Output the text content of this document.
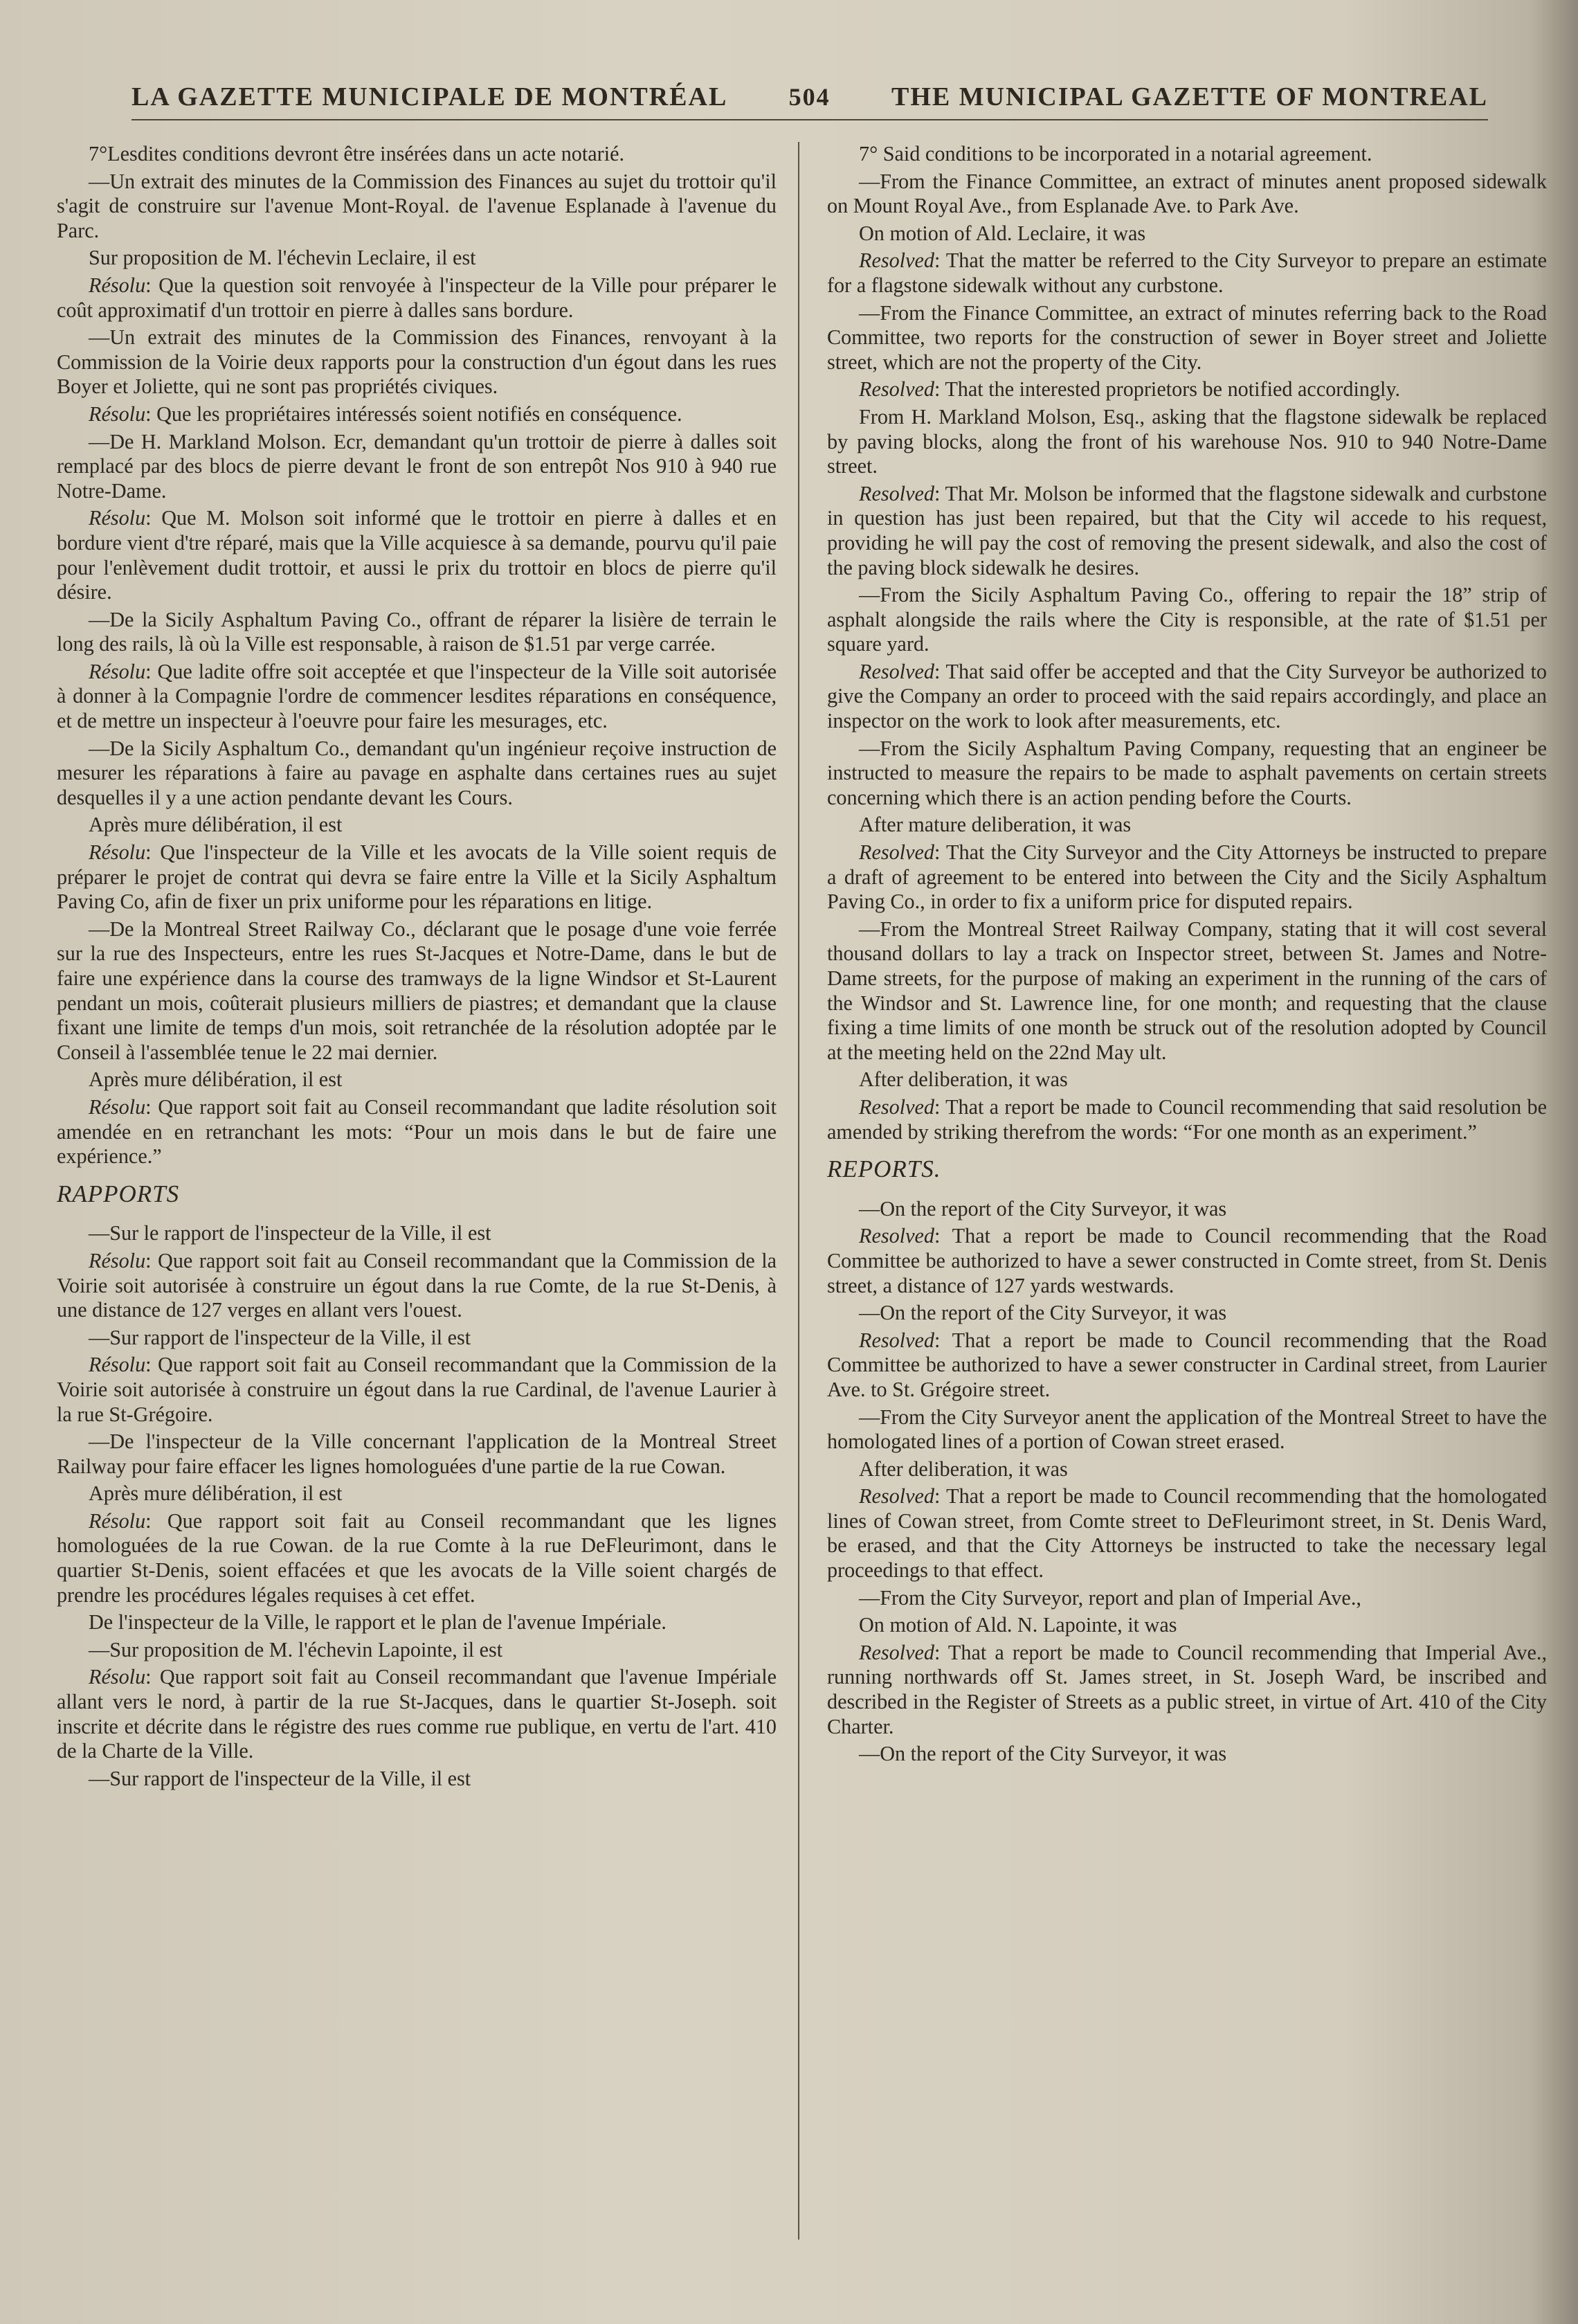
LA GAZETTE MUNICIPALE DE MONTRÉAL 504 THE MUNICIPAL GAZETTE OF MONTREAL

7°Lesdites conditions devront être insérées dans un acte notarié.

—Un extrait des minutes de la Commission des Finances au sujet du trottoir qu'il s'agit de construire sur l'avenue Mont-Royal. de l'avenue Esplanade à l'avenue du Parc.

Sur proposition de M. l'échevin Leclaire, il est

Résolu: Que la question soit renvoyée à l'inspecteur de la Ville pour préparer le coût approximatif d'un trottoir en pierre à dalles sans bordure.

—Un extrait des minutes de la Commission des Finances, renvoyant à la Commission de la Voirie deux rapports pour la construction d'un égout dans les rues Boyer et Joliette, qui ne sont pas propriétés civiques.

Résolu: Que les propriétaires intéressés soient notifiés en conséquence.

—De H. Markland Molson. Ecr, demandant qu'un trottoir de pierre à dalles soit remplacé par des blocs de pierre devant le front de son entrepôt Nos 910 à 940 rue Notre-Dame.

Résolu: Que M. Molson soit informé que le trottoir en pierre à dalles et en bordure vient d'tre réparé, mais que la Ville acquiesce à sa demande, pourvu qu'il paie pour l'enlèvement dudit trottoir, et aussi le prix du trottoir en blocs de pierre qu'il désire.

—De la Sicily Asphaltum Paving Co., offrant de réparer la lisière de terrain le long des rails, là où la Ville est responsable, à raison de $1.51 par verge carrée.

Résolu: Que ladite offre soit acceptée et que l'inspecteur de la Ville soit autorisée à donner à la Compagnie l'ordre de commencer lesdites réparations en conséquence, et de mettre un inspecteur à l'oeuvre pour faire les mesurages, etc.

—De la Sicily Asphaltum Co., demandant qu'un ingénieur reçoive instruction de mesurer les réparations à faire au pavage en asphalte dans certaines rues au sujet desquelles il y a une action pendante devant les Cours.

Après mure délibération, il est

Résolu: Que l'inspecteur de la Ville et les avocats de la Ville soient requis de préparer le projet de contrat qui devra se faire entre la Ville et la Sicily Asphaltum Paving Co, afin de fixer un prix uniforme pour les réparations en litige.

—De la Montreal Street Railway Co., déclarant que le posage d'une voie ferrée sur la rue des Inspecteurs, entre les rues St-Jacques et Notre-Dame, dans le but de faire une expérience dans la course des tramways de la ligne Windsor et St-Laurent pendant un mois, coûterait plusieurs milliers de piastres; et demandant que la clause fixant une limite de temps d'un mois, soit retranchée de la résolution adoptée par le Conseil à l'assemblée tenue le 22 mai dernier.

Après mure délibération, il est

Résolu: Que rapport soit fait au Conseil recommandant que ladite résolution soit amendée en en retranchant les mots: “Pour un mois dans le but de faire une expérience.”

RAPPORTS

—Sur le rapport de l'inspecteur de la Ville, il est

Résolu: Que rapport soit fait au Conseil recommandant que la Commission de la Voirie soit autorisée à construire un égout dans la rue Comte, de la rue St-Denis, à une distance de 127 verges en allant vers l'ouest.

—Sur rapport de l'inspecteur de la Ville, il est

Résolu: Que rapport soit fait au Conseil recommandant que la Commission de la Voirie soit autorisée à construire un égout dans la rue Cardinal, de l'avenue Laurier à la rue St-Grégoire.

—De l'inspecteur de la Ville concernant l'application de la Montreal Street Railway pour faire effacer les lignes homologuées d'une partie de la rue Cowan.

Après mure délibération, il est

Résolu: Que rapport soit fait au Conseil recommandant que les lignes homologuées de la rue Cowan. de la rue Comte à la rue DeFleurimont, dans le quartier St-Denis, soient effacées et que les avocats de la Ville soient chargés de prendre les procédures légales requises à cet effet.

De l'inspecteur de la Ville, le rapport et le plan de l'avenue Impériale.

—Sur proposition de M. l'échevin Lapointe, il est

Résolu: Que rapport soit fait au Conseil recommandant que l'avenue Impériale allant vers le nord, à partir de la rue St-Jacques, dans le quartier St-Joseph. soit inscrite et décrite dans le régistre des rues comme rue publique, en vertu de l'art. 410 de la Charte de la Ville.

—Sur rapport de l'inspecteur de la Ville, il est

7° Said conditions to be incorporated in a notarial agreement.

—From the Finance Committee, an extract of minutes anent proposed sidewalk on Mount Royal Ave., from Esplanade Ave. to Park Ave.

On motion of Ald. Leclaire, it was

Resolved: That the matter be referred to the City Surveyor to prepare an estimate for a flagstone sidewalk without any curbstone.

—From the Finance Committee, an extract of minutes referring back to the Road Committee, two reports for the construction of sewer in Boyer street and Joliette street, which are not the property of the City.

Resolved: That the interested proprietors be notified accordingly.

From H. Markland Molson, Esq., asking that the flagstone sidewalk be replaced by paving blocks, along the front of his warehouse Nos. 910 to 940 Notre-Dame street.

Resolved: That Mr. Molson be informed that the flagstone sidewalk and curbstone in question has just been repaired, but that the City wil accede to his request, providing he will pay the cost of removing the present sidewalk, and also the cost of the paving block sidewalk he desires.

—From the Sicily Asphaltum Paving Co., offering to repair the 18” strip of asphalt alongside the rails where the City is responsible, at the rate of $1.51 per square yard.

Resolved: That said offer be accepted and that the City Surveyor be authorized to give the Company an order to proceed with the said repairs accordingly, and place an inspector on the work to look after measurements, etc.

—From the Sicily Asphaltum Paving Company, requesting that an engineer be instructed to measure the repairs to be made to asphalt pavements on certain streets concerning which there is an action pending before the Courts.

After mature deliberation, it was

Resolved: That the City Surveyor and the City Attorneys be instructed to prepare a draft of agreement to be entered into between the City and the Sicily Asphaltum Paving Co., in order to fix a uniform price for disputed repairs.

—From the Montreal Street Railway Company, stating that it will cost several thousand dollars to lay a track on Inspector street, between St. James and Notre-Dame streets, for the purpose of making an experiment in the running of the cars of the Windsor and St. Lawrence line, for one month; and requesting that the clause fixing a time limits of one month be struck out of the resolution adopted by Council at the meeting held on the 22nd May ult.

After deliberation, it was

Resolved: That a report be made to Council recommending that said resolution be amended by striking therefrom the words: “For one month as an experiment.”

REPORTS.

—On the report of the City Surveyor, it was

Resolved: That a report be made to Council recommending that the Road Committee be authorized to have a sewer constructed in Comte street, from St. Denis street, a distance of 127 yards westwards.

—On the report of the City Surveyor, it was

Resolved: That a report be made to Council recommending that the Road Committee be authorized to have a sewer constructer in Cardinal street, from Laurier Ave. to St. Grégoire street.

—From the City Surveyor anent the application of the Montreal Street to have the homologated lines of a portion of Cowan street erased.

After deliberation, it was

Resolved: That a report be made to Council recommending that the homologated lines of Cowan street, from Comte street to DeFleurimont street, in St. Denis Ward, be erased, and that the City Attorneys be instructed to take the necessary legal proceedings to that effect.

—From the City Surveyor, report and plan of Imperial Ave.,

On motion of Ald. N. Lapointe, it was

Resolved: That a report be made to Council recommending that Imperial Ave., running northwards off St. James street, in St. Joseph Ward, be inscribed and described in the Register of Streets as a public street, in virtue of Art. 410 of the City Charter.

—On the report of the City Surveyor, it was
